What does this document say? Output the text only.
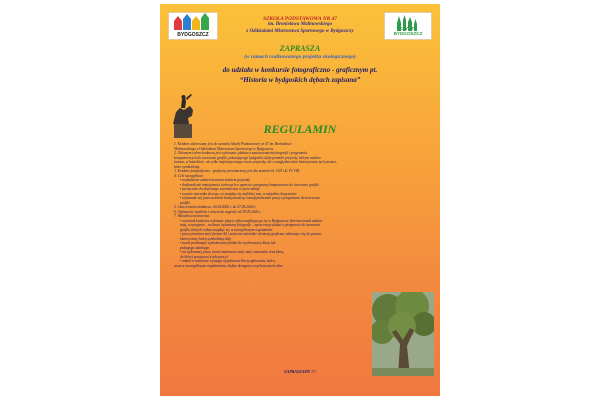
BYDGOSZCZ
SZKOŁA PODSTAWOWA NR 47
im. Bronisława Malinowskiego
z Oddziałami Mistrzostwa Sportowego w Bydgoszczy
CZYSTA BYDGOSZCZ
ZAPRASZA
(w ramach realizowanego projektu ekologicznego)
do udziału w konkursie fotograficzno - graficznym pt.
“Historia w bydgoskich dębach zapisana”
REGULAMIN

1. Konkurs skierowany jest do uczniów Szkoły Podstawowej nr 47 im. Bronisława

Malinowskiego z Oddziałami Mistrzostwa Sportowego w Bydgoszczy.

2. Głównym celem konkursu jest wykonanie plakatu z zastosowaniem fotografii i programów

komputerowych do tworzenia grafiki, pokazującego bydgoskie dęby-pomniki przyrody, którym nadano

imiona, w kontekście, nie tylko majestatycznego tworu przyrody, ale z uwzględnieniem historycznym tych postaci,

które symbolizują.

3. Konkurs fotograficzno - graficzny przeznaczony jest dla uczniów kl. I-III i kl. IV-VIII.

4. Cele szczegółowe:

• rozbudzenie zainteresowania światem przyrody

• doskonalenie umiejętności twórczych w oparciu o programy komputerowe do tworzenia grafiki

• zachęcanie do aktywnego uczestnictwa w życiu szkoły

• uczenie szacunku do tego, co znajduje się najbliżej nas, w miejskim ekosystemie

• wykazanie się przez uczniów kreatywnością i umiejętnościami pracy z programem do tworzenia

grafiki

5. Czas trwania konkursu: 16.04.2026 r. do 27.04.2026 r.

6. Ogłoszenie wyników i wręczenie nagród: od 29.05.2026 r.

7. Warunki uczestnictwa:

• uczestnik konkursu wykonuje zdjęcie dębu znajdującego się w Bydgoszczy, któremu został nadane

imię, a następnie – na bazie wykonanej fotografii – opracowuje plakat w programie do tworzenia

grafiki, których wykaz znajduje się w szczegółowym regulaminie

• praca powinna mieć format A4 i zawierać autorskie elementy graficzne odnoszące się do postaci

historycznej, którą symbolizuje dąb

• uczeń przekazuje wydrukowany plakat do wychowawcy klasy lub

pedagoga szkolnego

• na wykonanej pracy uczeń umieszcza swoje imię i nazwisko oraz klasę,

do której uczęszcza (z tyłu pracy)

• udział w konkursie wymaga wypełnienia Karty zgłoszenia, która,

wraz ze szczegółowym regulaminem, będzie dostępna u wychowawców klas.

ZAPRASZAMY !!!
